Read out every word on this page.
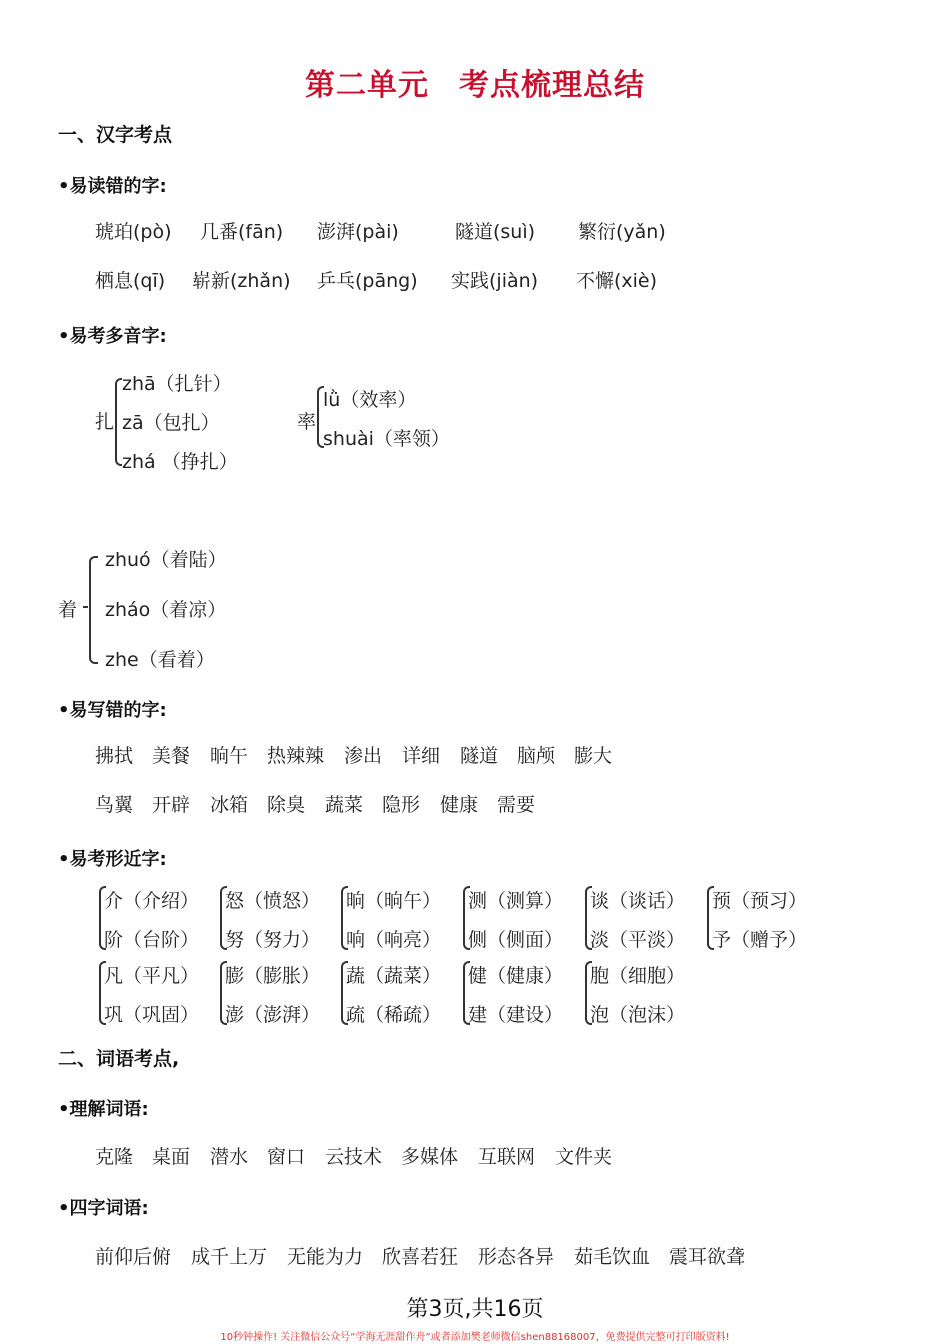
第二单元 考点梳理总结
一、汉字考点
•易读错的字:
琥珀(pò) 几番(fān) 澎湃(pài)	隧道(suì) 繁衍(yǎn)
栖息(qī) 崭新(zhǎn) 乒乓(pāng) 实践(jiàn) 不懈(xiè)
•易考多音字:
扎
zhā（扎针）
zā（包扎）
zhá （挣扎）
率
lǜ（效率）
shuài（率领）
着
zhuó（着陆）
zháo（着凉）
zhe（看着）
•易写错的字:
拂拭 美餐 晌午 热辣辣 渗出 详细 隧道 脑颅 膨大
鸟翼 开辟 冰箱 除臭 蔬菜 隐形 健康 需要
•易考形近字:
介（介绍）
阶（台阶）
怒（愤怒）
努（努力）
晌（晌午）
响（响亮）
测（测算）
侧（侧面）
谈（谈话）
淡（平淡）
预（预习）
予（赠予）
凡（平凡）
巩（巩固）
膨（膨胀）
澎（澎湃）
蔬（蔬菜）
疏（稀疏）
健（健康）
建（建设）
胞（细胞）
泡（泡沫）
二、词语考点,
•理解词语:
克隆 桌面 潜水 窗口 云技术 多媒体 互联网 文件夹
•四字词语:
前仰后俯 成千上万 无能为力 欣喜若狂 形态各异 茹毛饮血 震耳欲聋
第3页,共16页
10秒钟操作! 关注微信公众号“学海无涯甜作舟”或者添加樊老师微信shen88168007，免费提供完整可打印版资料!
